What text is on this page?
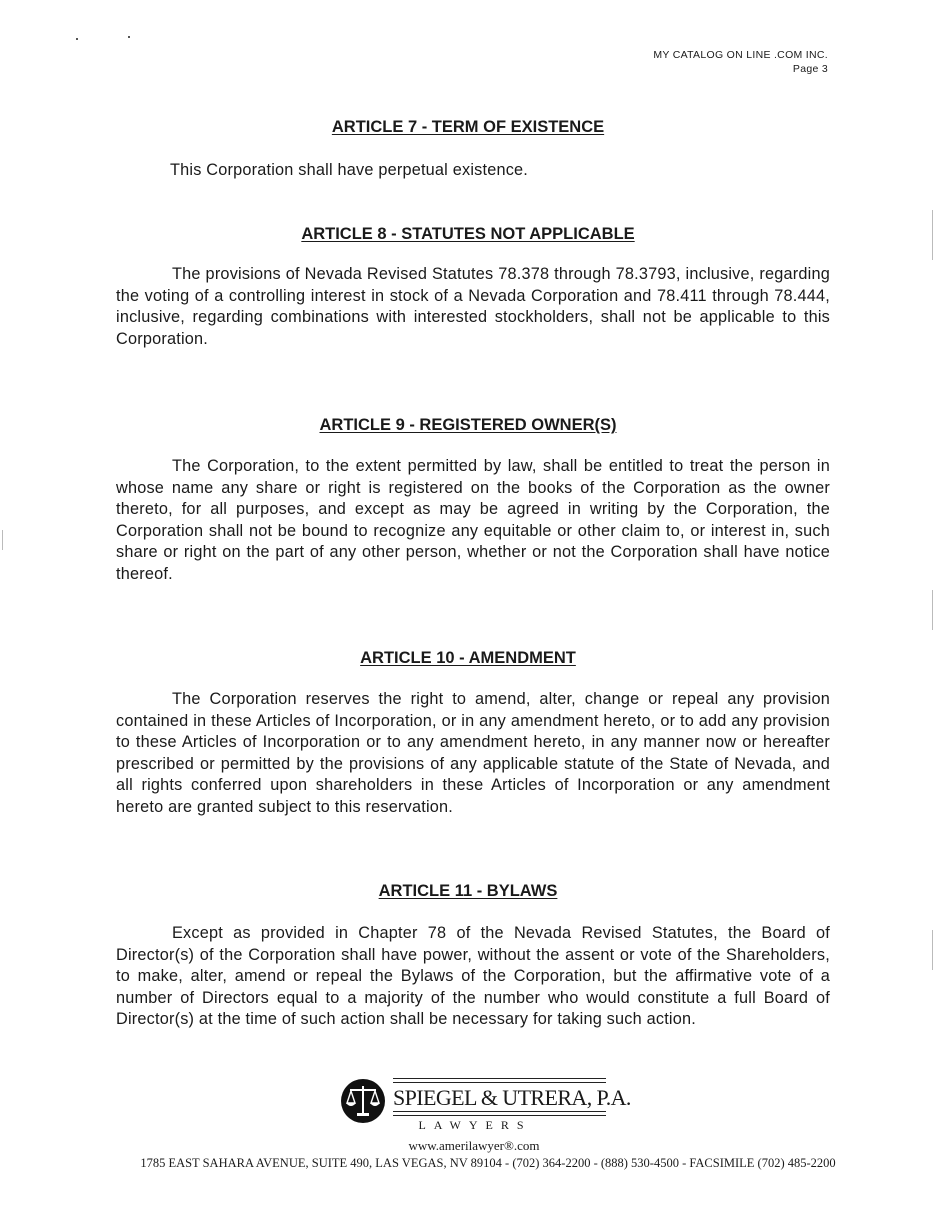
MY CATALOG ON LINE .COM INC.
Page 3
ARTICLE 7 - TERM OF EXISTENCE
This Corporation shall have perpetual existence.
ARTICLE 8 - STATUTES NOT APPLICABLE
The provisions of Nevada Revised Statutes 78.378 through 78.3793, inclusive, regarding the voting of a controlling interest in stock of a Nevada Corporation and 78.411 through 78.444, inclusive, regarding combinations with interested stockholders, shall not be applicable to this Corporation.
ARTICLE 9 - REGISTERED OWNER(S)
The Corporation, to the extent permitted by law, shall be entitled to treat the person in whose name any share or right is registered on the books of the Corporation as the owner thereto, for all purposes, and except as may be agreed in writing by the Corporation, the Corporation shall not be bound to recognize any equitable or other claim to, or interest in, such share or right on the part of any other person, whether or not the Corporation shall have notice thereof.
ARTICLE 10 - AMENDMENT
The Corporation reserves the right to amend, alter, change or repeal any provision contained in these Articles of Incorporation, or in any amendment hereto, or to add any provision to these Articles of Incorporation or to any amendment hereto, in any manner now or hereafter prescribed or permitted by the provisions of any applicable statute of the State of Nevada, and all rights conferred upon shareholders in these Articles of Incorporation or any amendment hereto are granted subject to this reservation.
ARTICLE 11 - BYLAWS
Except as provided in Chapter 78 of the Nevada Revised Statutes, the Board of Director(s) of the Corporation shall have power, without the assent or vote of the Shareholders, to make, alter, amend or repeal the Bylaws of the Corporation, but the affirmative vote of a number of Directors equal to a majority of the number who would constitute a full Board of Director(s) at the time of such action shall be necessary for taking such action.
SPIEGEL & UTRERA, P.A.
LAWYERS
www.amerilawyer®.com
1785 EAST SAHARA AVENUE, SUITE 490, LAS VEGAS, NV 89104 - (702) 364-2200 - (888) 530-4500 - FACSIMILE (702) 485-2200
